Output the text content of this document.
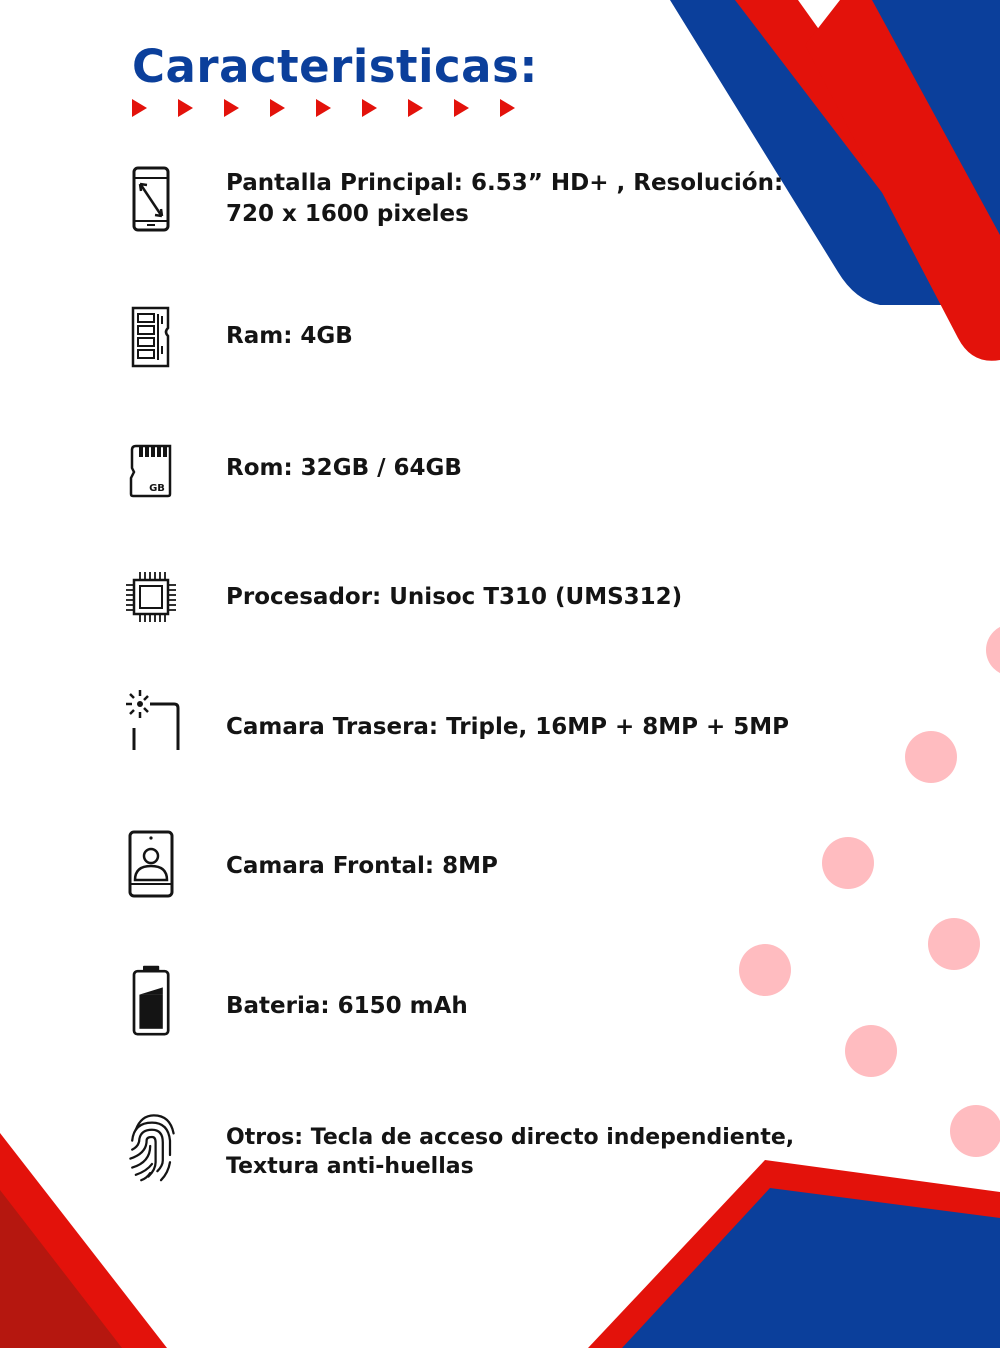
Caracteristicas:

Pantalla Principal: 6.53” HD+ , Resolución:
720 x 1600 pixeles

Ram: 4GB

GB

Rom: 32GB / 64GB

Procesador: Unisoc T310 (UMS312)

Camara Trasera: Triple, 16MP + 8MP + 5MP

Camara Frontal: 8MP

Bateria: 6150 mAh

Otros: Tecla de acceso directo independiente,
Textura anti-huellas
